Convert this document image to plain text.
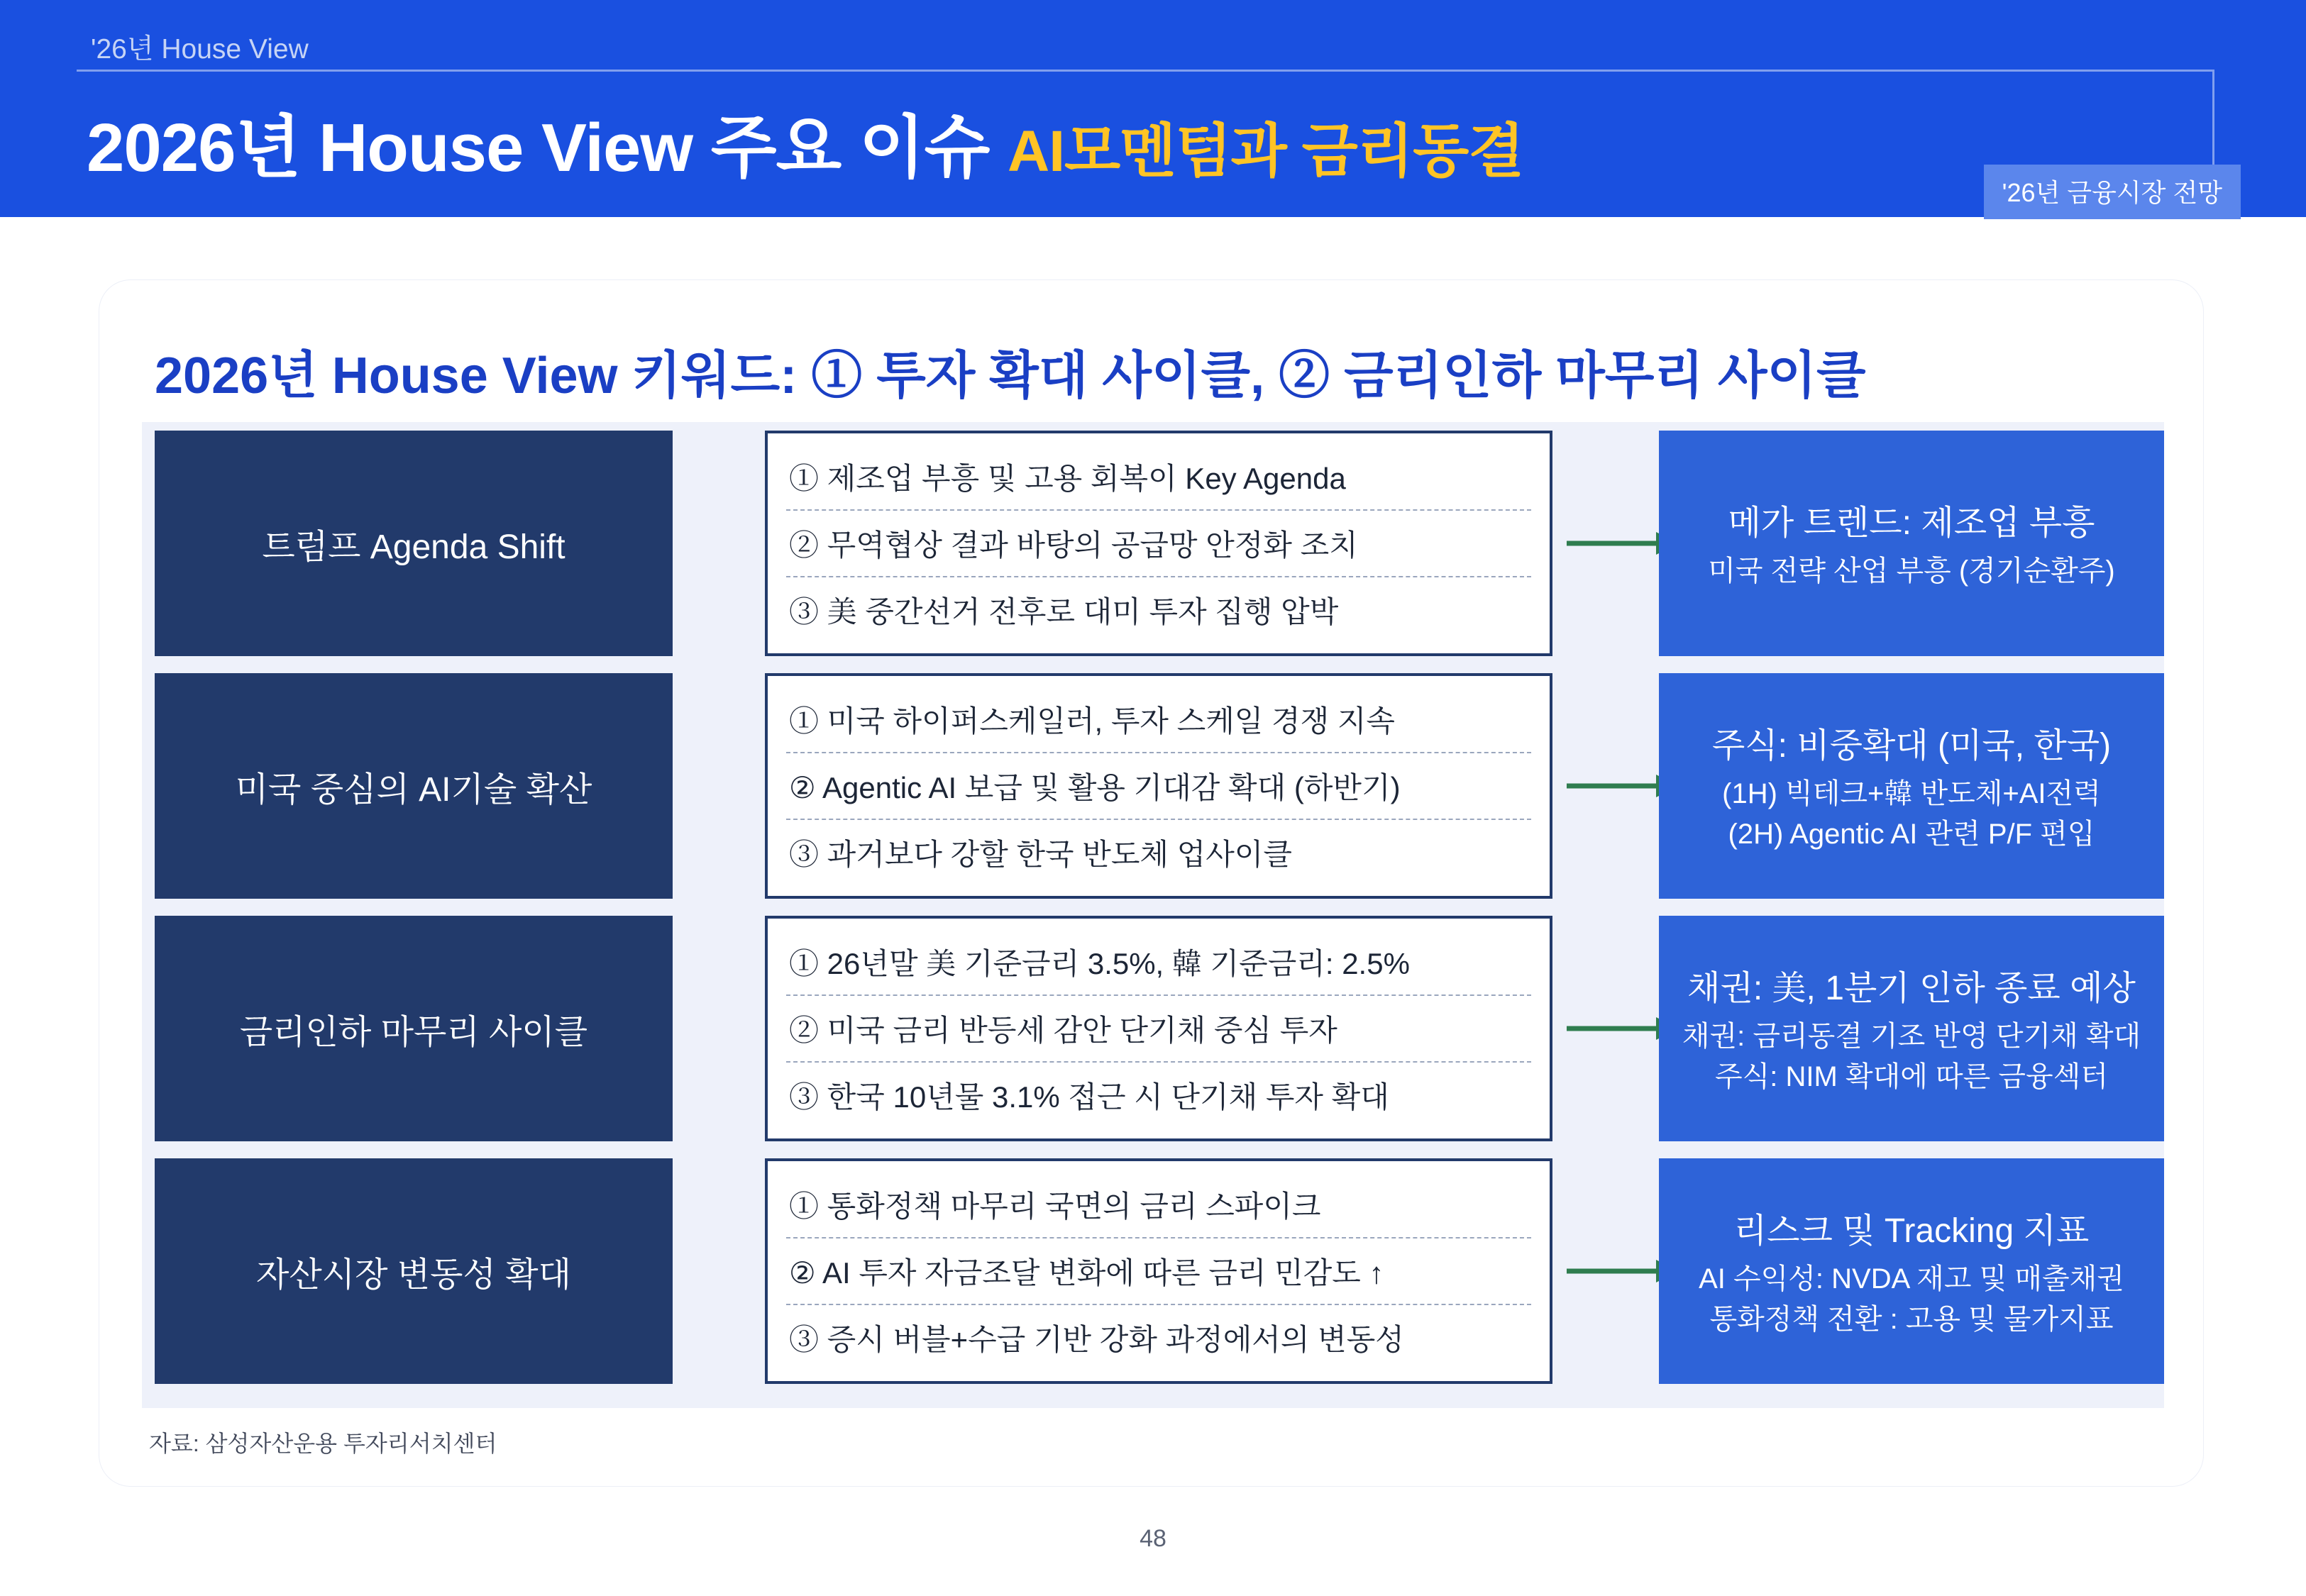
'26년 House View
2026년 House View 주요 이슈 AI모멘텀과 금리동결
'26년 금융시장 전망
2026년 House View 키워드: ① 투자 확대 사이클, ② 금리인하 마무리 사이클
트럼프 Agenda Shift
① 제조업 부흥 및 고용 회복이 Key Agenda
② 무역협상 결과 바탕의 공급망 안정화 조치
③ 美 중간선거 전후로 대미 투자 집행 압박
메가 트렌드: 제조업 부흥
미국 전략 산업 부흥 (경기순환주)
미국 중심의 AI기술 확산
① 미국 하이퍼스케일러, 투자 스케일 경쟁 지속
② Agentic AI 보급 및 활용 기대감 확대 (하반기)
③ 과거보다 강할 한국 반도체 업사이클
주식: 비중확대 (미국, 한국)
(1H) 빅테크+韓 반도체+AI전력
(2H) Agentic AI 관련 P/F 편입
금리인하 마무리 사이클
① 26년말 美 기준금리 3.5%, 韓 기준금리: 2.5%
② 미국 금리 반등세 감안 단기채 중심 투자
③ 한국 10년물 3.1% 접근 시 단기채 투자 확대
채권: 美, 1분기 인하 종료 예상
채권: 금리동결 기조 반영 단기채 확대
주식: NIM 확대에 따른 금융섹터
자산시장 변동성 확대
① 통화정책 마무리 국면의 금리 스파이크
② AI 투자 자금조달 변화에 따른 금리 민감도 ↑
③ 증시 버블+수급 기반 강화 과정에서의 변동성
리스크 및 Tracking 지표
AI 수익성: NVDA 재고 및 매출채권
통화정책 전환 : 고용 및 물가지표
자료: 삼성자산운용 투자리서치센터
48
